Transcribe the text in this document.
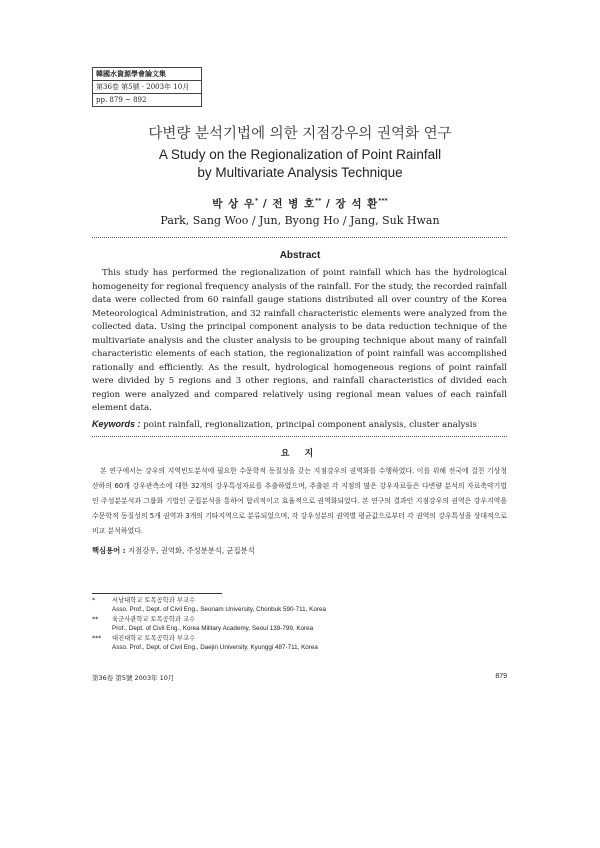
韓國水資源學會論文集
第36卷 第5號 · 2003年 10月
pp. 879 ~ 892
다변량 분석기법에 의한 지점강우의 권역화 연구
A Study on the Regionalization of Point Rainfall
by Multivariate Analysis Technique
박 상 우* / 전 병 호** / 장 석 환***
Park, Sang Woo / Jun, Byong Ho / Jang, Suk Hwan
Abstract

This study has performed the regionalization of point rainfall which has the hydrological homogeneity for regional frequency analysis of the rainfall. For the study, the recorded rainfall data were collected from 60 rainfall gauge stations distributed all over country of the Korea Meteorological Administration, and 32 rainfall characteristic elements were analyzed from the collected data. Using the principal component analysis to be data reduction technique of the multivariate analysis and the cluster analysis to be grouping technique about many of rainfall characteristic elements of each station, the regionalization of point rainfall was accomplished rationally and efficiently. As the result, hydrological homogeneous regions of point rainfall were divided by 5 regions and 3 other regions, and rainfall characteristics of divided each region were analyzed and compared relatively using regional mean values of each rainfall element data.

Keywords : point rainfall, regionalization, principal component analysis, cluster analysis
요 지

본 연구에서는 강우의 지역빈도분석에 필요한 수문학적 동질성을 갖는 지점강우의 권역화를 수행하였다. 이를 위해 전국에 걸친 기상청 산하의 60개 강우관측소에 대한 32개의 강우특성자료를 추출하였으며, 추출된 각 지점의 많은 강우자료들은 다변량 분석의 자료축약기법인 주성분분석과 그룹화 기법인 군집분석을 통하여 합리적이고 효율적으로 권역화되었다. 본 연구의 결과인 지점강우의 권역은 강우지역을 수문학적 동질성의 5개 권역과 3개의 기타지역으로 분류되었으며, 각 강우성분의 권역별 평균값으로부터 각 권역의 강우특성을 상대적으로 비교 분석하였다.

핵심용어 : 지점강우, 권역화, 주성분분석, 군집분석
*	서남대학교 토목공학과 부교수
Asso. Prof., Dept. of Civil Eng., Seonam University, Chonbuk 590-711, Korea
** 육군사관학교 토목공학과 교수
Prof., Dept. of Civil Eng., Korea Military Academy, Seoul 139-799, Korea
*** 대진대학교 토목공학과 부교수
Asso. Prof., Dept. of Civil Eng., Daejin University, Kyunggi 487-711, Korea
第36卷 第5號 2003年 10月	879
